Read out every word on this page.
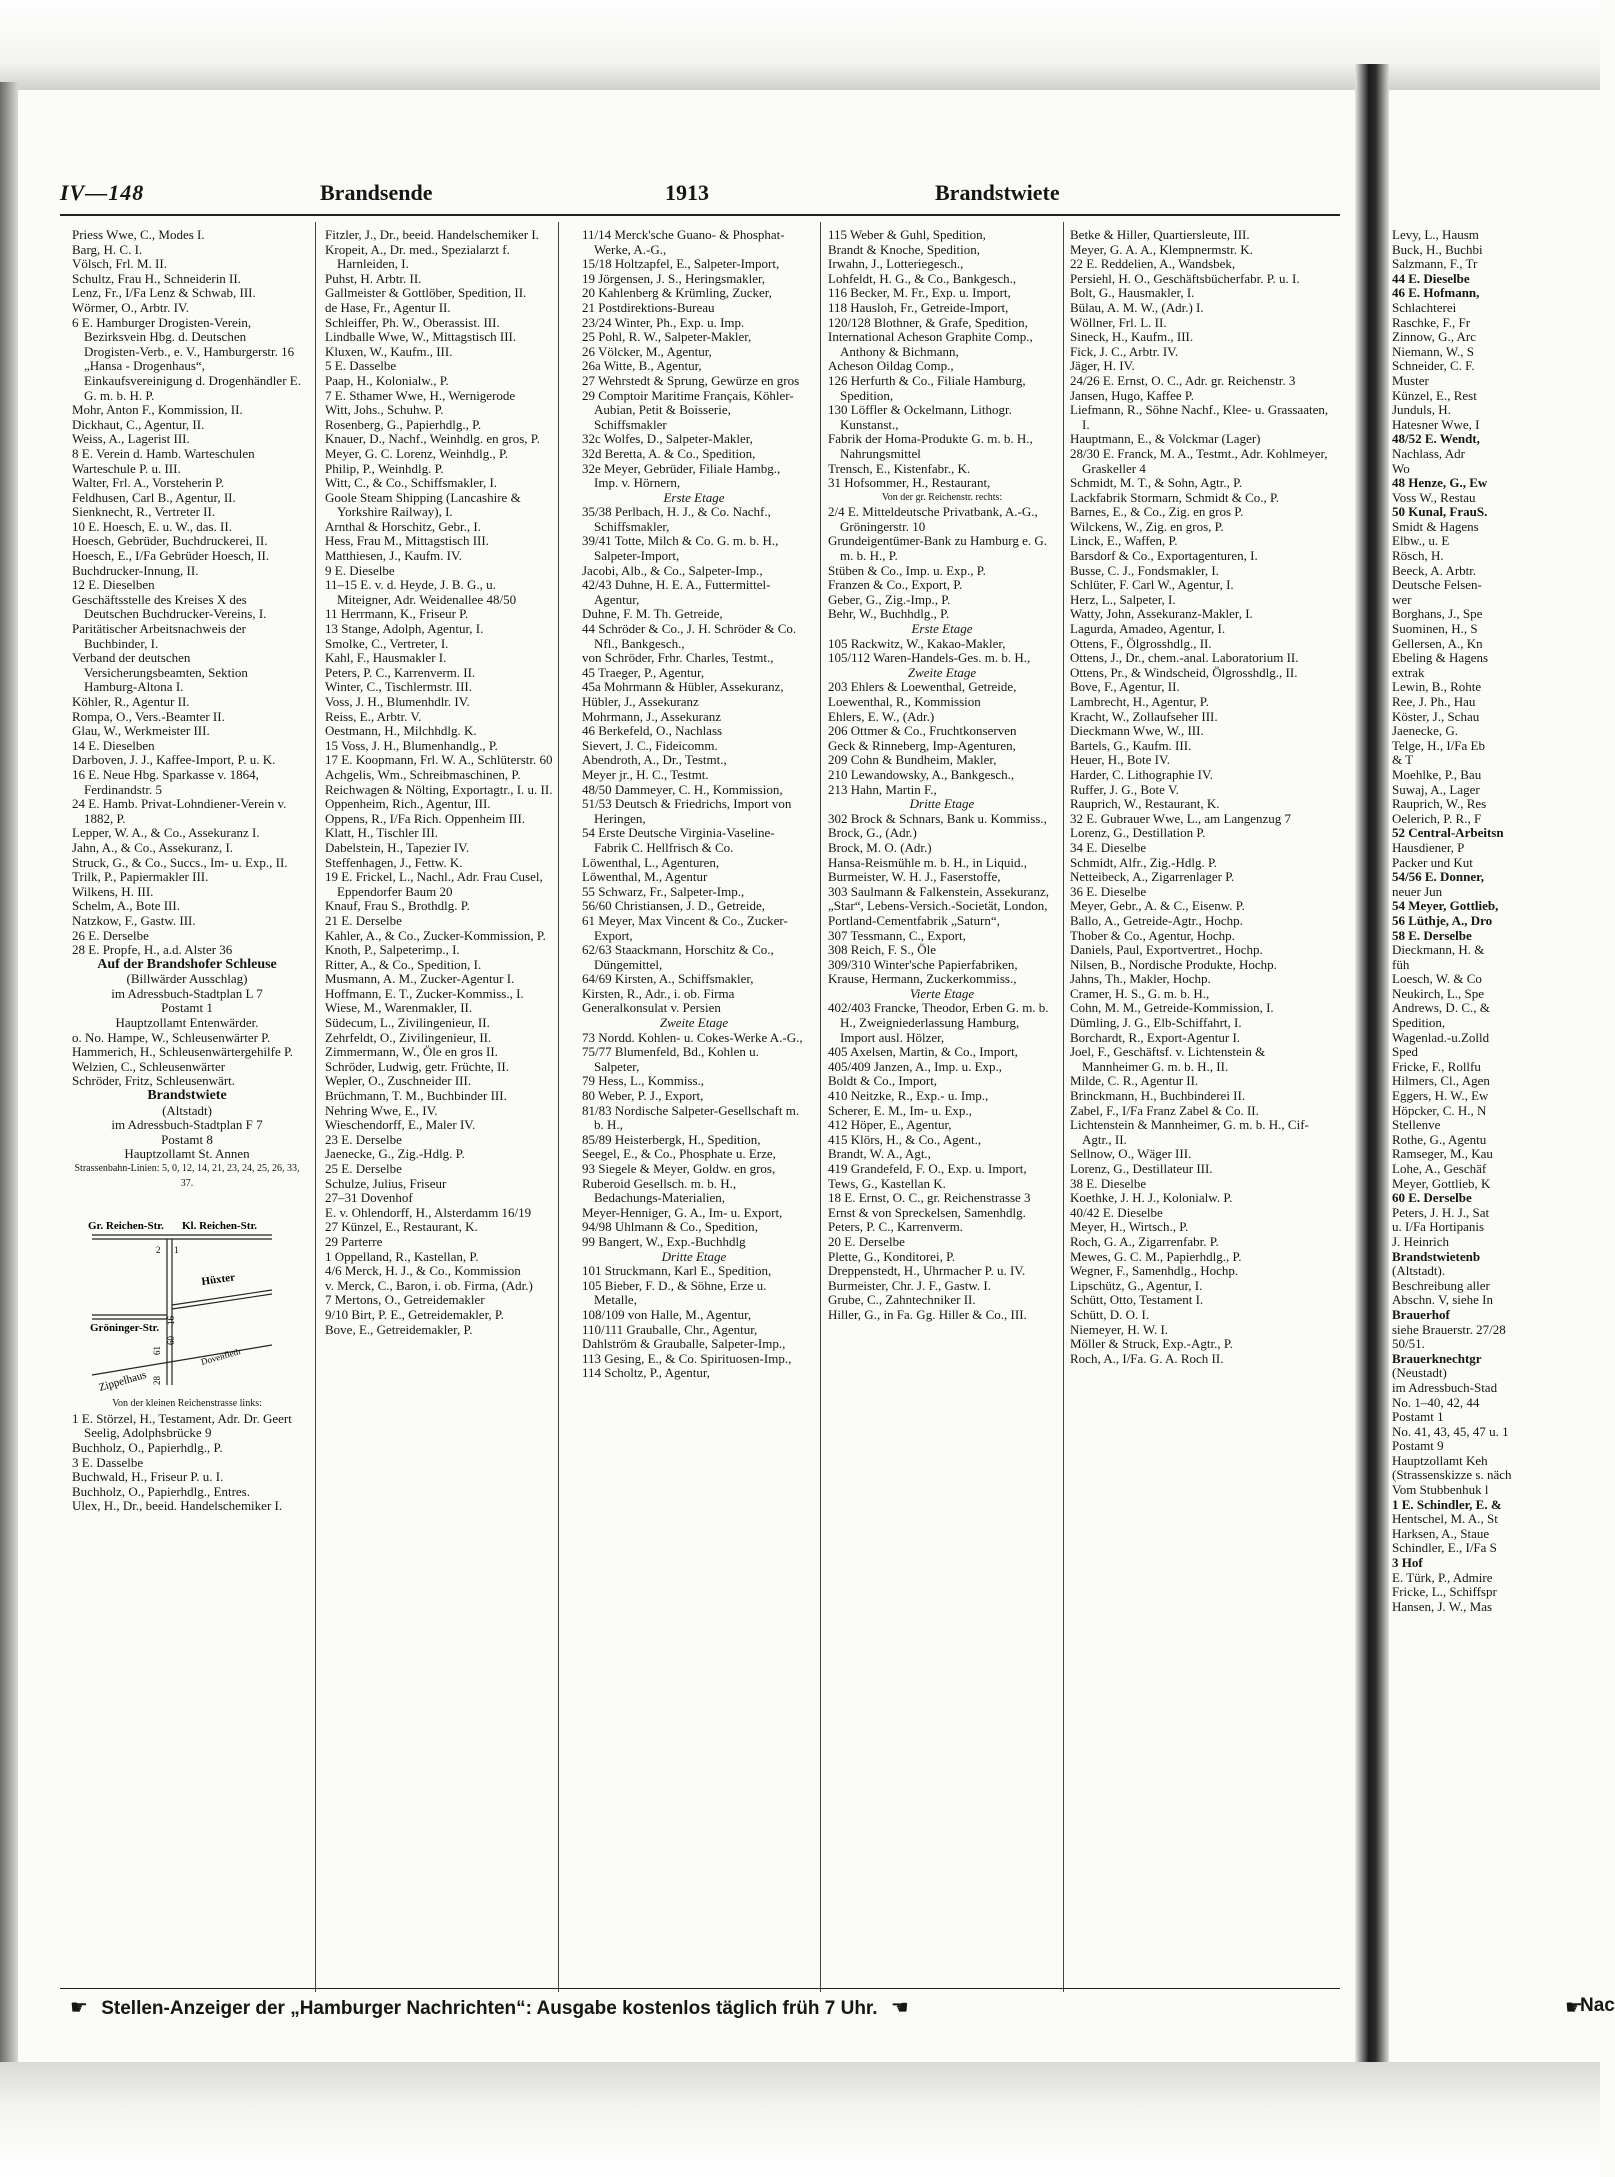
IV—148	Brandsende	1913	Brandstwiete

Priess Wwe, C., Modes I.

Barg, H. C. I.

Völsch, Frl. M. II.

Schultz, Frau H., Schneiderin II.

Lenz, Fr., I/Fa Lenz & Schwab, III.

Wörmer, O., Arbtr. IV.

6 E. Hamburger Drogisten-Verein, Bezirksvein Hbg. d. Deutschen Drogisten-Verb., e. V., Hamburgerstr. 16 „Hansa - Drogenhaus“, Einkaufsvereinigung d. Drogenhändler E. G. m. b. H. P.

Mohr, Anton F., Kommission, II.

Dickhaut, C., Agentur, II.

Weiss, A., Lagerist III.

8 E. Verein d. Hamb. Warteschulen

Warteschule P. u. III.

Walter, Frl. A., Vorsteherin P.

Feldhusen, Carl B., Agentur, II.

Sienknecht, R., Vertreter II.

10 E. Hoesch, E. u. W., das. II.

Hoesch, Gebrüder, Buchdruckerei, II.

Hoesch, E., I/Fa Gebrüder Hoesch, II.

Buchdrucker-Innung, II.

12 E. Dieselben

Geschäftsstelle des Kreises X des Deutschen Buchdrucker-Vereins, I.

Paritätischer Arbeitsnachweis der Buchbinder, I.

Verband der deutschen Versicherungsbeamten, Sektion Hamburg-Altona I.

Köhler, R., Agentur II.

Rompa, O., Vers.-Beamter II.

Glau, W., Werkmeister III.

14 E. Dieselben

Darboven, J. J., Kaffee-Import, P. u. K.

16 E. Neue Hbg. Sparkasse v. 1864, Ferdinandstr. 5

24 E. Hamb. Privat-Lohndiener-Verein v. 1882, P.

Lepper, W. A., & Co., Assekuranz I.

Jahn, A., & Co., Assekuranz, I.

Struck, G., & Co., Succs., Im- u. Exp., II.

Trilk, P., Papiermakler III.

Wilkens, H. III.

Schelm, A., Bote III.

Natzkow, F., Gastw. III.

26 E. Derselbe

28 E. Propfe, H., a.d. Alster 36

Auf der Brandshofer Schleuse

(Billwärder Ausschlag)

im Adressbuch-Stadtplan L 7

Postamt 1

Hauptzollamt Entenwärder.

o. No. Hampe, W., Schleusenwärter P.

Hammerich, H., Schleusenwärtergehilfe P.

Welzien, C., Schleusenwärter

Schröder, Fritz, Schleusenwärt.

Brandstwiete

(Altstadt)

im Adressbuch-Stadtplan F 7

Postamt 8

Hauptzollamt St. Annen

Strassenbahn-Linien: 5, 0, 12, 14, 21, 23, 24, 25, 26, 33, 37.

Gr. Reichen-Str. Kl. Reichen-Str.
Gröninger-Str.
Hüxter
Zippelhaus
Dovenfleth
1
2
16
28
60
61

Von der kleinen Reichenstrasse links:

1 E. Störzel, H., Testament, Adr. Dr. Geert Seelig, Adolphsbrücke 9

Buchholz, O., Papierhdlg., P.

3 E. Dasselbe

Buchwald, H., Friseur P. u. I.

Buchholz, O., Papierhdlg., Entres.

Ulex, H., Dr., beeid. Handelschemiker I.

Fitzler, J., Dr., beeid. Handelschemiker I.

Kropeit, A., Dr. med., Spezialarzt f. Harnleiden, I.

Puhst, H. Arbtr. II.

Gallmeister & Gottlöber, Spedition, II.

de Hase, Fr., Agentur II.

Schleiffer, Ph. W., Oberassist. III.

Lindballe Wwe, W., Mittagstisch III.

Kluxen, W., Kaufm., III.

5 E. Dasselbe

Paap, H., Kolonialw., P.

7 E. Sthamer Wwe, H., Wernigerode

Witt, Johs., Schuhw. P.

Rosenberg, G., Papierhdlg., P.

Knauer, D., Nachf., Weinhdlg. en gros, P.

Meyer, G. C. Lorenz, Weinhdlg., P.

Philip, P., Weinhdlg. P.

Witt, C., & Co., Schiffsmakler, I.

Goole Steam Shipping (Lancashire & Yorkshire Railway), I.

Arnthal & Horschitz, Gebr., I.

Hess, Frau M., Mittagstisch III.

Matthiesen, J., Kaufm. IV.

9 E. Dieselbe

11–15 E. v. d. Heyde, J. B. G., u. Miteigner, Adr. Weidenallee 48/50

11 Herrmann, K., Friseur P.

13 Stange, Adolph, Agentur, I.

Smolke, C., Vertreter, I.

Kahl, F., Hausmakler I.

Peters, P. C., Karrenverm. II.

Winter, C., Tischlermstr. III.

Voss, J. H., Blumenhdlr. IV.

Reiss, E., Arbtr. V.

Oestmann, H., Milchhdlg. K.

15 Voss, J. H., Blumenhandlg., P.

17 E. Koopmann, Frl. W. A., Schlüterstr. 60

Achgelis, Wm., Schreibmaschinen, P.

Reichwagen & Nölting, Exportagtr., I. u. II.

Oppenheim, Rich., Agentur, III.

Oppens, R., I/Fa Rich. Oppenheim III.

Klatt, H., Tischler III.

Dabelstein, H., Tapezier IV.

Steffenhagen, J., Fettw. K.

19 E. Frickel, L., Nachl., Adr. Frau Cusel, Eppendorfer Baum 20

Knauf, Frau S., Brothdlg. P.

21 E. Derselbe

Kahler, A., & Co., Zucker-Kommission, P.

Knoth, P., Salpeterimp., I.

Ritter, A., & Co., Spedition, I.

Musmann, A. M., Zucker-Agentur I.

Hoffmann, E. T., Zucker-Kommiss., I.

Wiese, M., Warenmakler, II.

Südecum, L., Zivilingenieur, II.

Zehrfeldt, O., Zivilingenieur, II.

Zimmermann, W., Öle en gros II.

Schröder, Ludwig, getr. Früchte, II.

Wepler, O., Zuschneider III.

Brüchmann, T. M., Buchbinder III.

Nehring Wwe, E., IV.

Wieschendorff, E., Maler IV.

23 E. Derselbe

Jaenecke, G., Zig.-Hdlg. P.

25 E. Derselbe

Schulze, Julius, Friseur

27–31 Dovenhof

E. v. Ohlendorff, H., Alsterdamm 16/19

27 Künzel, E., Restaurant, K.

29 Parterre

1 Oppelland, R., Kastellan, P.

4/6 Merck, H. J., & Co., Kommission

v. Merck, C., Baron, i. ob. Firma, (Adr.)

7 Mertons, O., Getreidemakler

9/10 Birt, P. E., Getreidemakler, P.

Bove, E., Getreidemakler, P.

11/14 Merck'sche Guano- & Phosphat-Werke, A.-G.,

15/18 Holtzapfel, E., Salpeter-Import,

19 Jörgensen, J. S., Heringsmakler,

20 Kahlenberg & Krümling, Zucker,

21 Postdirektions-Bureau

23/24 Winter, Ph., Exp. u. Imp.

25 Pohl, R. W., Salpeter-Makler,

26 Völcker, M., Agentur,

26a Witte, B., Agentur,

27 Wehrstedt & Sprung, Gewürze en gros

29 Comptoir Maritime Français, Köhler-Aubian, Petit & Boisserie, Schiffsmakler

32c Wolfes, D., Salpeter-Makler,

32d Beretta, A. & Co., Spedition,

32e Meyer, Gebrüder, Filiale Hambg., Imp. v. Hörnern,

Erste Etage

35/38 Perlbach, H. J., & Co. Nachf., Schiffsmakler,

39/41 Totte, Milch & Co. G. m. b. H., Salpeter-Import,

Jacobi, Alb., & Co., Salpeter-Imp.,

42/43 Duhne, H. E. A., Futtermittel-Agentur,

Duhne, F. M. Th. Getreide,

44 Schröder & Co., J. H. Schröder & Co. Nfl., Bankgesch.,

von Schröder, Frhr. Charles, Testmt.,

45 Traeger, P., Agentur,

45a Mohrmann & Hübler, Assekuranz,

Hübler, J., Assekuranz

Mohrmann, J., Assekuranz

46 Berkefeld, O., Nachlass

Sievert, J. C., Fideicomm.

Abendroth, A., Dr., Testmt.,

Meyer jr., H. C., Testmt.

48/50 Dammeyer, C. H., Kommission,

51/53 Deutsch & Friedrichs, Import von Heringen,

54 Erste Deutsche Virginia-Vaseline-Fabrik C. Hellfrisch & Co.

Löwenthal, L., Agenturen,

Löwenthal, M., Agentur

55 Schwarz, Fr., Salpeter-Imp.,

56/60 Christiansen, J. D., Getreide,

61 Meyer, Max Vincent & Co., Zucker-Export,

62/63 Staackmann, Horschitz & Co., Düngemittel,

64/69 Kirsten, A., Schiffsmakler,

Kirsten, R., Adr., i. ob. Firma

Generalkonsulat v. Persien

Zweite Etage

73 Nordd. Kohlen- u. Cokes-Werke A.-G.,

75/77 Blumenfeld, Bd., Kohlen u. Salpeter,

79 Hess, L., Kommiss.,

80 Weber, P. J., Export,

81/83 Nordische Salpeter-Gesellschaft m. b. H.,

85/89 Heisterbergk, H., Spedition,

Seegel, E., & Co., Phosphate u. Erze,

93 Siegele & Meyer, Goldw. en gros,

Ruberoid Gesellsch. m. b. H., Bedachungs-Materialien,

Meyer-Henniger, G. A., Im- u. Export,

94/98 Uhlmann & Co., Spedition,

99 Bangert, W., Exp.-Buchhdlg

Dritte Etage

101 Struckmann, Karl E., Spedition,

105 Bieber, F. D., & Söhne, Erze u. Metalle,

108/109 von Halle, M., Agentur,

110/111 Grauballe, Chr., Agentur,

Dahlström & Grauballe, Salpeter-Imp.,

113 Gesing, E., & Co. Spirituosen-Imp.,

114 Scholtz, P., Agentur,

115 Weber & Guhl, Spedition,

Brandt & Knoche, Spedition,

Irwahn, J., Lotteriegesch.,

Lohfeldt, H. G., & Co., Bankgesch.,

116 Becker, M. Fr., Exp. u. Import,

118 Hausloh, Fr., Getreide-Import,

120/128 Blothner, & Grafe, Spedition,

International Acheson Graphite Comp., Anthony & Bichmann,

Acheson Oildag Comp.,

126 Herfurth & Co., Filiale Hamburg, Spedition,

130 Löffler & Ockelmann, Lithogr. Kunstanst.,

Fabrik der Homa-Produkte G. m. b. H., Nahrungsmittel

Trensch, E., Kistenfabr., K.

31 Hofsommer, H., Restaurant,

Von der gr. Reichenstr. rechts:

2/4 E. Mitteldeutsche Privatbank, A.-G., Gröningerstr. 10

Grundeigentümer-Bank zu Hamburg e. G. m. b. H., P.

Stüben & Co., Imp. u. Exp., P.

Franzen & Co., Export, P.

Geber, G., Zig.-Imp., P.

Behr, W., Buchhdlg., P.

Erste Etage

105 Rackwitz, W., Kakao-Makler,

105/112 Waren-Handels-Ges. m. b. H.,

Zweite Etage

203 Ehlers & Loewenthal, Getreide,

Loewenthal, R., Kommission

Ehlers, E. W., (Adr.)

206 Ottmer & Co., Fruchtkonserven

Geck & Rinneberg, Imp-Agenturen,

209 Cohn & Bundheim, Makler,

210 Lewandowsky, A., Bankgesch.,

213 Hahn, Martin F.,

Dritte Etage

302 Brock & Schnars, Bank u. Kommiss.,

Brock, G., (Adr.)

Brock, M. O. (Adr.)

Hansa-Reismühle m. b. H., in Liquid.,

Burmeister, W. H. J., Faserstoffe,

303 Saulmann & Falkenstein, Assekuranz,

„Star“, Lebens-Versich.-Societät, London,

Portland-Cementfabrik „Saturn“,

307 Tessmann, C., Export,

308 Reich, F. S., Öle

309/310 Winter'sche Papierfabriken,

Krause, Hermann, Zuckerkommiss.,

Vierte Etage

402/403 Francke, Theodor, Erben G. m. b. H., Zweigniederlassung Hamburg, Import ausl. Hölzer,

405 Axelsen, Martin, & Co., Import,

405/409 Janzen, A., Imp. u. Exp.,

Boldt & Co., Import,

410 Neitzke, R., Exp.- u. Imp.,

Scherer, E. M., Im- u. Exp.,

412 Höper, E., Agentur,

415 Klörs, H., & Co., Agent.,

Brandt, W. A., Agt.,

419 Grandefeld, F. O., Exp. u. Import,

Tews, G., Kastellan K.

18 E. Ernst, O. C., gr. Reichenstrasse 3

Ernst & von Spreckelsen, Samenhdlg.

Peters, P. C., Karrenverm.

20 E. Derselbe

Plette, G., Konditorei, P.

Dreppenstedt, H., Uhrmacher P. u. IV.

Burmeister, Chr. J. F., Gastw. I.

Grube, C., Zahntechniker II.

Hiller, G., in Fa. Gg. Hiller & Co., III.

Betke & Hiller, Quartiersleute, III.

Meyer, G. A. A., Klempnermstr. K.

22 E. Reddelien, A., Wandsbek,

Persiehl, H. O., Geschäftsbücherfabr. P. u. I.

Bolt, G., Hausmakler, I.

Bülau, A. M. W., (Adr.) I.

Wöllner, Frl. L. II.

Sineck, H., Kaufm., III.

Fick, J. C., Arbtr. IV.

Jäger, H. IV.

24/26 E. Ernst, O. C., Adr. gr. Reichenstr. 3

Jansen, Hugo, Kaffee P.

Liefmann, R., Söhne Nachf., Klee- u. Grassaaten, I.

Hauptmann, E., & Volckmar (Lager)

28/30 E. Franck, M. A., Testmt., Adr. Kohlmeyer, Graskeller 4

Schmidt, M. T., & Sohn, Agtr., P.

Lackfabrik Stormarn, Schmidt & Co., P.

Barnes, E., & Co., Zig. en gros P.

Wilckens, W., Zig. en gros, P.

Linck, E., Waffen, P.

Barsdorf & Co., Exportagenturen, I.

Busse, C. J., Fondsmakler, I.

Schlüter, F. Carl W., Agentur, I.

Herz, L., Salpeter, I.

Watty, John, Assekuranz-Makler, I.

Lagurda, Amadeo, Agentur, I.

Ottens, F., Ölgrosshdlg., II.

Ottens, J., Dr., chem.-anal. Laboratorium II.

Ottens, Pr., & Windscheid, Ölgrosshdlg., II.

Bove, F., Agentur, II.

Lambrecht, H., Agentur, P.

Kracht, W., Zollaufseher III.

Dieckmann Wwe, W., III.

Bartels, G., Kaufm. III.

Heuer, H., Bote IV.

Harder, C. Lithographie IV.

Ruffer, J. G., Bote V.

Rauprich, W., Restaurant, K.

32 E. Gubrauer Wwe, L., am Langenzug 7

Lorenz, G., Destillation P.

34 E. Dieselbe

Schmidt, Alfr., Zig.-Hdlg. P.

Netteibeck, A., Zigarrenlager P.

36 E. Dieselbe

Meyer, Gebr., A. & C., Eisenw. P.

Ballo, A., Getreide-Agtr., Hochp.

Thober & Co., Agentur, Hochp.

Daniels, Paul, Exportvertret., Hochp.

Nilsen, B., Nordische Produkte, Hochp.

Jahns, Th., Makler, Hochp.

Cramer, H. S., G. m. b. H.,

Cohn, M. M., Getreide-Kommission, I.

Dümling, J. G., Elb-Schiffahrt, I.

Borchardt, R., Export-Agentur I.

Joel, F., Geschäftsf. v. Lichtenstein & Mannheimer G. m. b. H., II.

Milde, C. R., Agentur II.

Brinckmann, H., Buchbinderei II.

Zabel, F., I/Fa Franz Zabel & Co. II.

Lichtenstein & Mannheimer, G. m. b. H., Cif-Agtr., II.

Sellnow, O., Wäger III.

Lorenz, G., Destillateur III.

38 E. Dieselbe

Koethke, J. H. J., Kolonialw. P.

40/42 E. Dieselbe

Meyer, H., Wirtsch., P.

Roch, G. A., Zigarrenfabr. P.

Mewes, G. C. M., Papierhdlg., P.

Wegner, F., Samenhdlg., Hochp.

Lipschütz, G., Agentur, I.

Schütt, Otto, Testament I.

Schütt, D. O. I.

Niemeyer, H. W. I.

Möller & Struck, Exp.-Agtr., P.

Roch, A., I/Fa. G. A. Roch II.

Levy, L., Hausm

Buck, H., Buchbi

Salzmann, F., Tr

44 E. Dieselbe

46 E. Hofmann,

Schlachterei

Raschke, F., Fr

Zinnow, G., Arc

Niemann, W., S

Schneider, C. F.

Muster

Künzel, E., Rest

Junduls, H.

Hatesner Wwe, I

48/52 E. Wendt,

Nachlass, Adr

Wo

48 Henze, G., Ew

Voss W., Restau

50 Kunal, FrauS.

Smidt & Hagens

Elbw., u. E

Rösch, H.

Beeck, A. Arbtr.

Deutsche Felsen-

wer

Borghans, J., Spe

Suominen, H., S

Gellersen, A., Kn

Ebeling & Hagens

extrak

Lewin, B., Rohte

Ree, J. Ph., Hau

Köster, J., Schau

Jaenecke, G.

Telge, H., I/Fa Eb

& T

Moehlke, P., Bau

Suwaj, A., Lager

Rauprich, W., Res

Oelerich, P. R., F

52 Central-Arbeitsn

Hausdiener, P

Packer und Kut

54/56 E. Donner,

neuer Jun

54 Meyer, Gottlieb,

56 Lüthje, A., Dro

58 E. Derselbe

Dieckmann, H. &

füh

Loesch, W. & Co

Neukirch, L., Spe

Andrews, D. C., &

Spedition,

Wagenlad.-u.Zolld

Sped

Fricke, F., Rollfu

Hilmers, Cl., Agen

Eggers, H. W., Ew

Höpcker, C. H., N

Stellenve

Rothe, G., Agentu

Ramseger, M., Kau

Lohe, A., Geschäf

Meyer, Gottlieb, K

60 E. Derselbe

Peters, J. H. J., Sat

u. I/Fa Hortipanis

J. Heinrich

Brandstwietenb

(Altstadt).

Beschreibung aller

Abschn. V, siehe In

Brauerhof

siehe Brauerstr. 27/28

50/51.

Brauerknechtgr

(Neustadt)

im Adressbuch-Stad

No. 1–40, 42, 44

Postamt 1

No. 41, 43, 45, 47 u. 1

Postamt 9

Hauptzollamt Keh

(Strassenskizze s. näch

Vom Stubbenhuk l

1 E. Schindler, E. &

Hentschel, M. A., St

Harksen, A., Staue

Schindler, E., I/Fa S

3 Hof

E. Türk, P., Admire

Fricke, L., Schiffspr

Hansen, J. W., Mas

☛ Stellen-Anzeiger der „Hamburger Nachrichten“: Ausgabe kostenlos täglich früh 7 Uhr. ☚	☛
Nac
